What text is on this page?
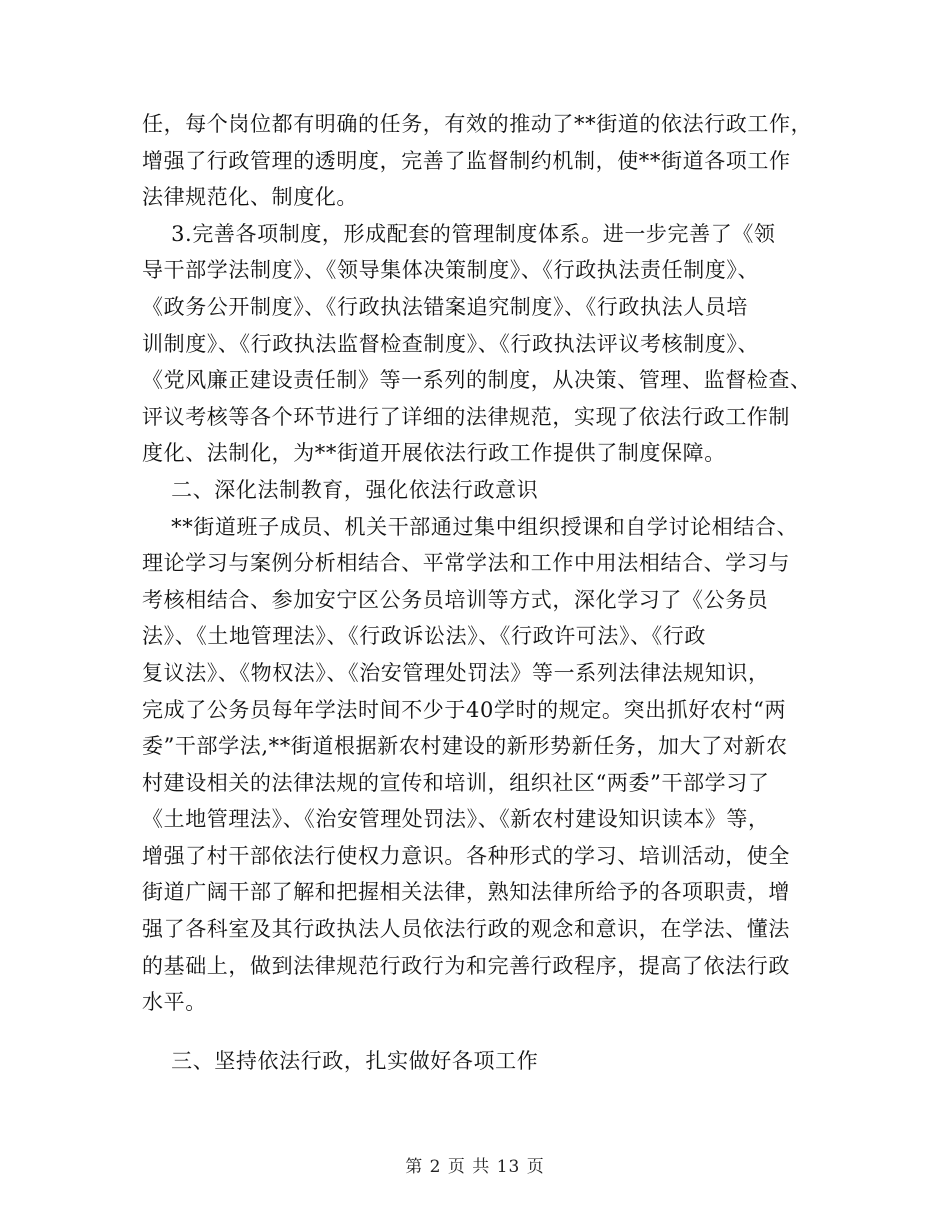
任，每个岗位都有明确的任务，有效的推动了**街道的依法行政工作，
增强了行政管理的透明度，完善了监督制约机制，使**街道各项工作
法律规范化、制度化。

3.完善各项制度，形成配套的管理制度体系。进一步完善了《领
导干部学法制度》、《领导集体决策制度》、《行政执法责任制度》、
《政务公开制度》、《行政执法错案追究制度》、《行政执法人员培
训制度》、《行政执法监督检查制度》、《行政执法评议考核制度》、
《党风廉正建设责任制》等一系列的制度，从决策、管理、监督检查、
评议考核等各个环节进行了详细的法律规范，实现了依法行政工作制
度化、法制化，为**街道开展依法行政工作提供了制度保障。

二、深化法制教育，强化依法行政意识

**街道班子成员、机关干部通过集中组织授课和自学讨论相结合、
理论学习与案例分析相结合、平常学法和工作中用法相结合、学习与
考核相结合、参加安宁区公务员培训等方式，深化学习了《公务员
法》、《土地管理法》、《行政诉讼法》、《行政许可法》、《行政
复议法》、《物权法》、《治安管理处罚法》等一系列法律法规知识，
完成了公务员每年学法时间不少于40学时的规定。突出抓好农村“两
委”干部学法,**街道根据新农村建设的新形势新任务，加大了对新农
村建设相关的法律法规的宣传和培训，组织社区“两委”干部学习了
《土地管理法》、《治安管理处罚法》、《新农村建设知识读本》等，
增强了村干部依法行使权力意识。各种形式的学习、培训活动，使全
街道广阔干部了解和把握相关法律，熟知法律所给予的各项职责，增
强了各科室及其行政执法人员依法行政的观念和意识，在学法、懂法
的基础上，做到法律规范行政行为和完善行政程序，提高了依法行政
水平。

三、坚持依法行政，扎实做好各项工作

第 2 页 共 13 页
